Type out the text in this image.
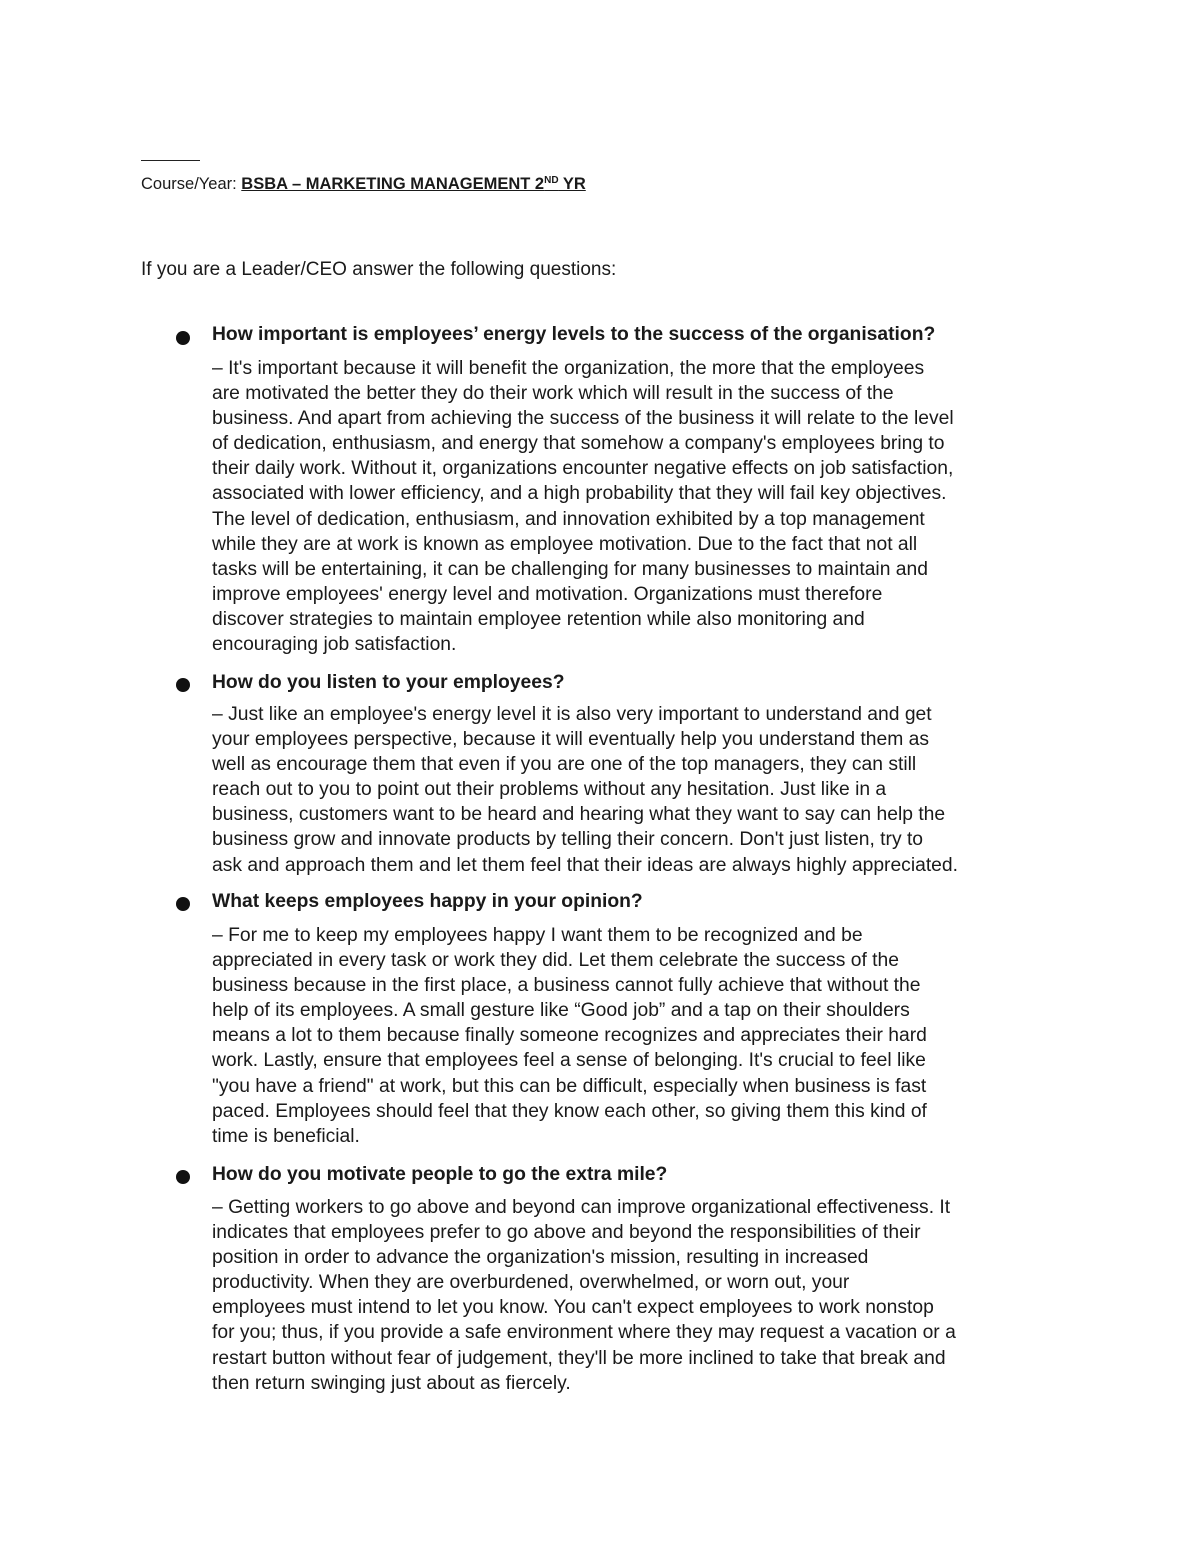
Course/Year: BSBA – MARKETING MANAGEMENT 2ND YR
If you are a Leader/CEO answer the following questions:
How important is employees’ energy levels to the success of the organisation?
– It's important because it will benefit the organization, the more that the employees
are motivated the better they do their work which will result in the success of the
business. And apart from achieving the success of the business it will relate to the level
of dedication, enthusiasm, and energy that somehow a company's employees bring to
their daily work. Without it, organizations encounter negative effects on job satisfaction,
associated with lower efficiency, and a high probability that they will fail key objectives.
The level of dedication, enthusiasm, and innovation exhibited by a top management
while they are at work is known as employee motivation. Due to the fact that not all
tasks will be entertaining, it can be challenging for many businesses to maintain and
improve employees' energy level and motivation. Organizations must therefore
discover strategies to maintain employee retention while also monitoring and
encouraging job satisfaction.
How do you listen to your employees?
– Just like an employee's energy level it is also very important to understand and get
your employees perspective, because it will eventually help you understand them as
well as encourage them that even if you are one of the top managers, they can still
reach out to you to point out their problems without any hesitation. Just like in a
business, customers want to be heard and hearing what they want to say can help the
business grow and innovate products by telling their concern. Don't just listen, try to
ask and approach them and let them feel that their ideas are always highly appreciated.
What keeps employees happy in your opinion?
– For me to keep my employees happy I want them to be recognized and be
appreciated in every task or work they did. Let them celebrate the success of the
business because in the first place, a business cannot fully achieve that without the
help of its employees. A small gesture like “Good job” and a tap on their shoulders
means a lot to them because finally someone recognizes and appreciates their hard
work. Lastly, ensure that employees feel a sense of belonging. It's crucial to feel like
"you have a friend" at work, but this can be difficult, especially when business is fast
paced. Employees should feel that they know each other, so giving them this kind of
time is beneficial.
How do you motivate people to go the extra mile?
– Getting workers to go above and beyond can improve organizational effectiveness. It
indicates that employees prefer to go above and beyond the responsibilities of their
position in order to advance the organization's mission, resulting in increased
productivity. When they are overburdened, overwhelmed, or worn out, your
employees must intend to let you know. You can't expect employees to work nonstop
for you; thus, if you provide a safe environment where they may request a vacation or a
restart button without fear of judgement, they'll be more inclined to take that break and
then return swinging just about as fiercely.
